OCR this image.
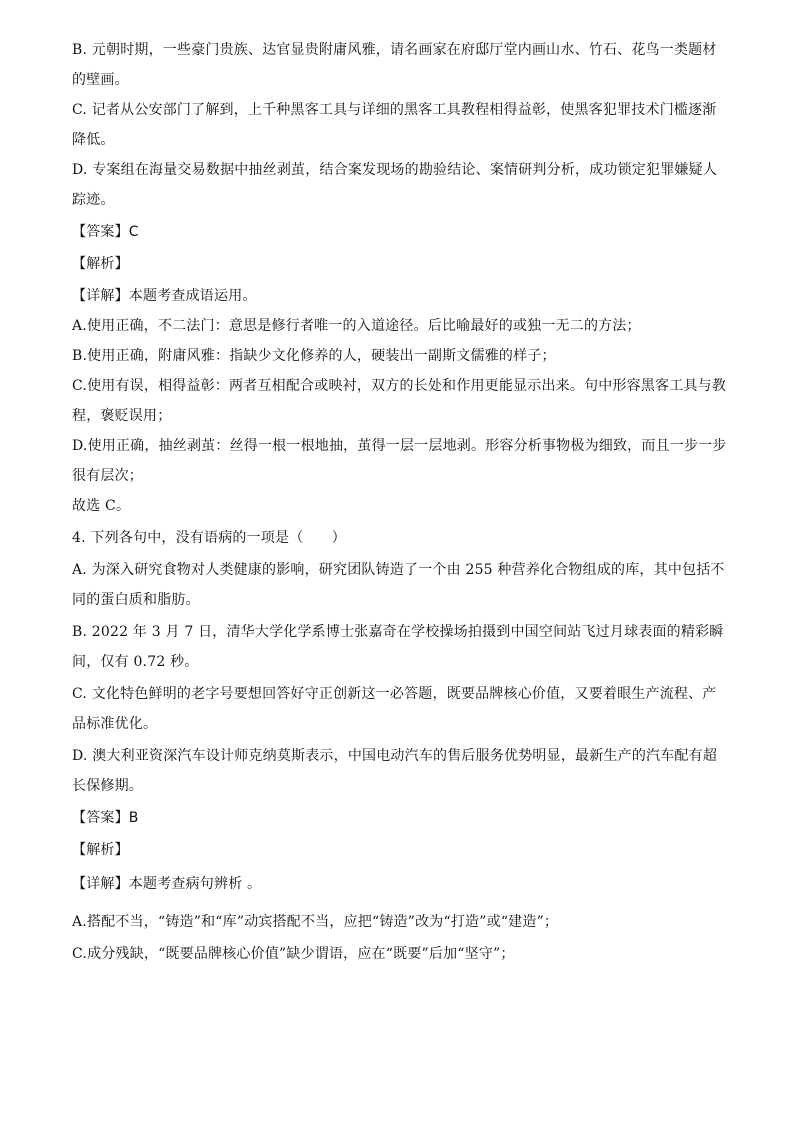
B. 元朝时期，一些豪门贵族、达官显贵附庸风雅，请名画家在府邸厅堂内画山水、竹石、花鸟一类题材
的壁画。
C. 记者从公安部门了解到，上千种黑客工具与详细的黑客工具教程相得益彰，使黑客犯罪技术门槛逐渐
降低。
D. 专案组在海量交易数据中抽丝剥茧，结合案发现场的勘验结论、案情研判分析，成功锁定犯罪嫌疑人
踪迹。
【答案】C
【解析】
【详解】本题考查成语运用。
A.使用正确，不二法门：意思是修行者唯一的入道途径。后比喻最好的或独一无二的方法；
B.使用正确，附庸风雅：指缺少文化修养的人，硬装出一副斯文儒雅的样子；
C.使用有误，相得益彰：两者互相配合或映衬，双方的长处和作用更能显示出来。句中形容黑客工具与教
程，褒贬误用；
D.使用正确，抽丝剥茧：丝得一根一根地抽，茧得一层一层地剥。形容分析事物极为细致，而且一步一步
很有层次；
故选 C。
4. 下列各句中，没有语病的一项是（　　）
A. 为深入研究食物对人类健康的影响，研究团队铸造了一个由 255 种营养化合物组成的库，其中包括不
同的蛋白质和脂肪。
B. 2022 年 3 月 7 日，清华大学化学系博士张嘉奇在学校操场拍摄到中国空间站飞过月球表面的精彩瞬
间，仅有 0.72 秒。
C. 文化特色鲜明的老字号要想回答好守正创新这一必答题，既要品牌核心价值，又要着眼生产流程、产
品标准优化。
D. 澳大利亚资深汽车设计师克纳莫斯表示，中国电动汽车的售后服务优势明显，最新生产的汽车配有超
长保修期。
【答案】B
【解析】
【详解】本题考查病句辨析 。
A.搭配不当，“铸造”和“库”动宾搭配不当，应把“铸造”改为“打造”或“建造”；
C.成分残缺，“既要品牌核心价值”缺少谓语，应在“既要”后加“坚守”；
